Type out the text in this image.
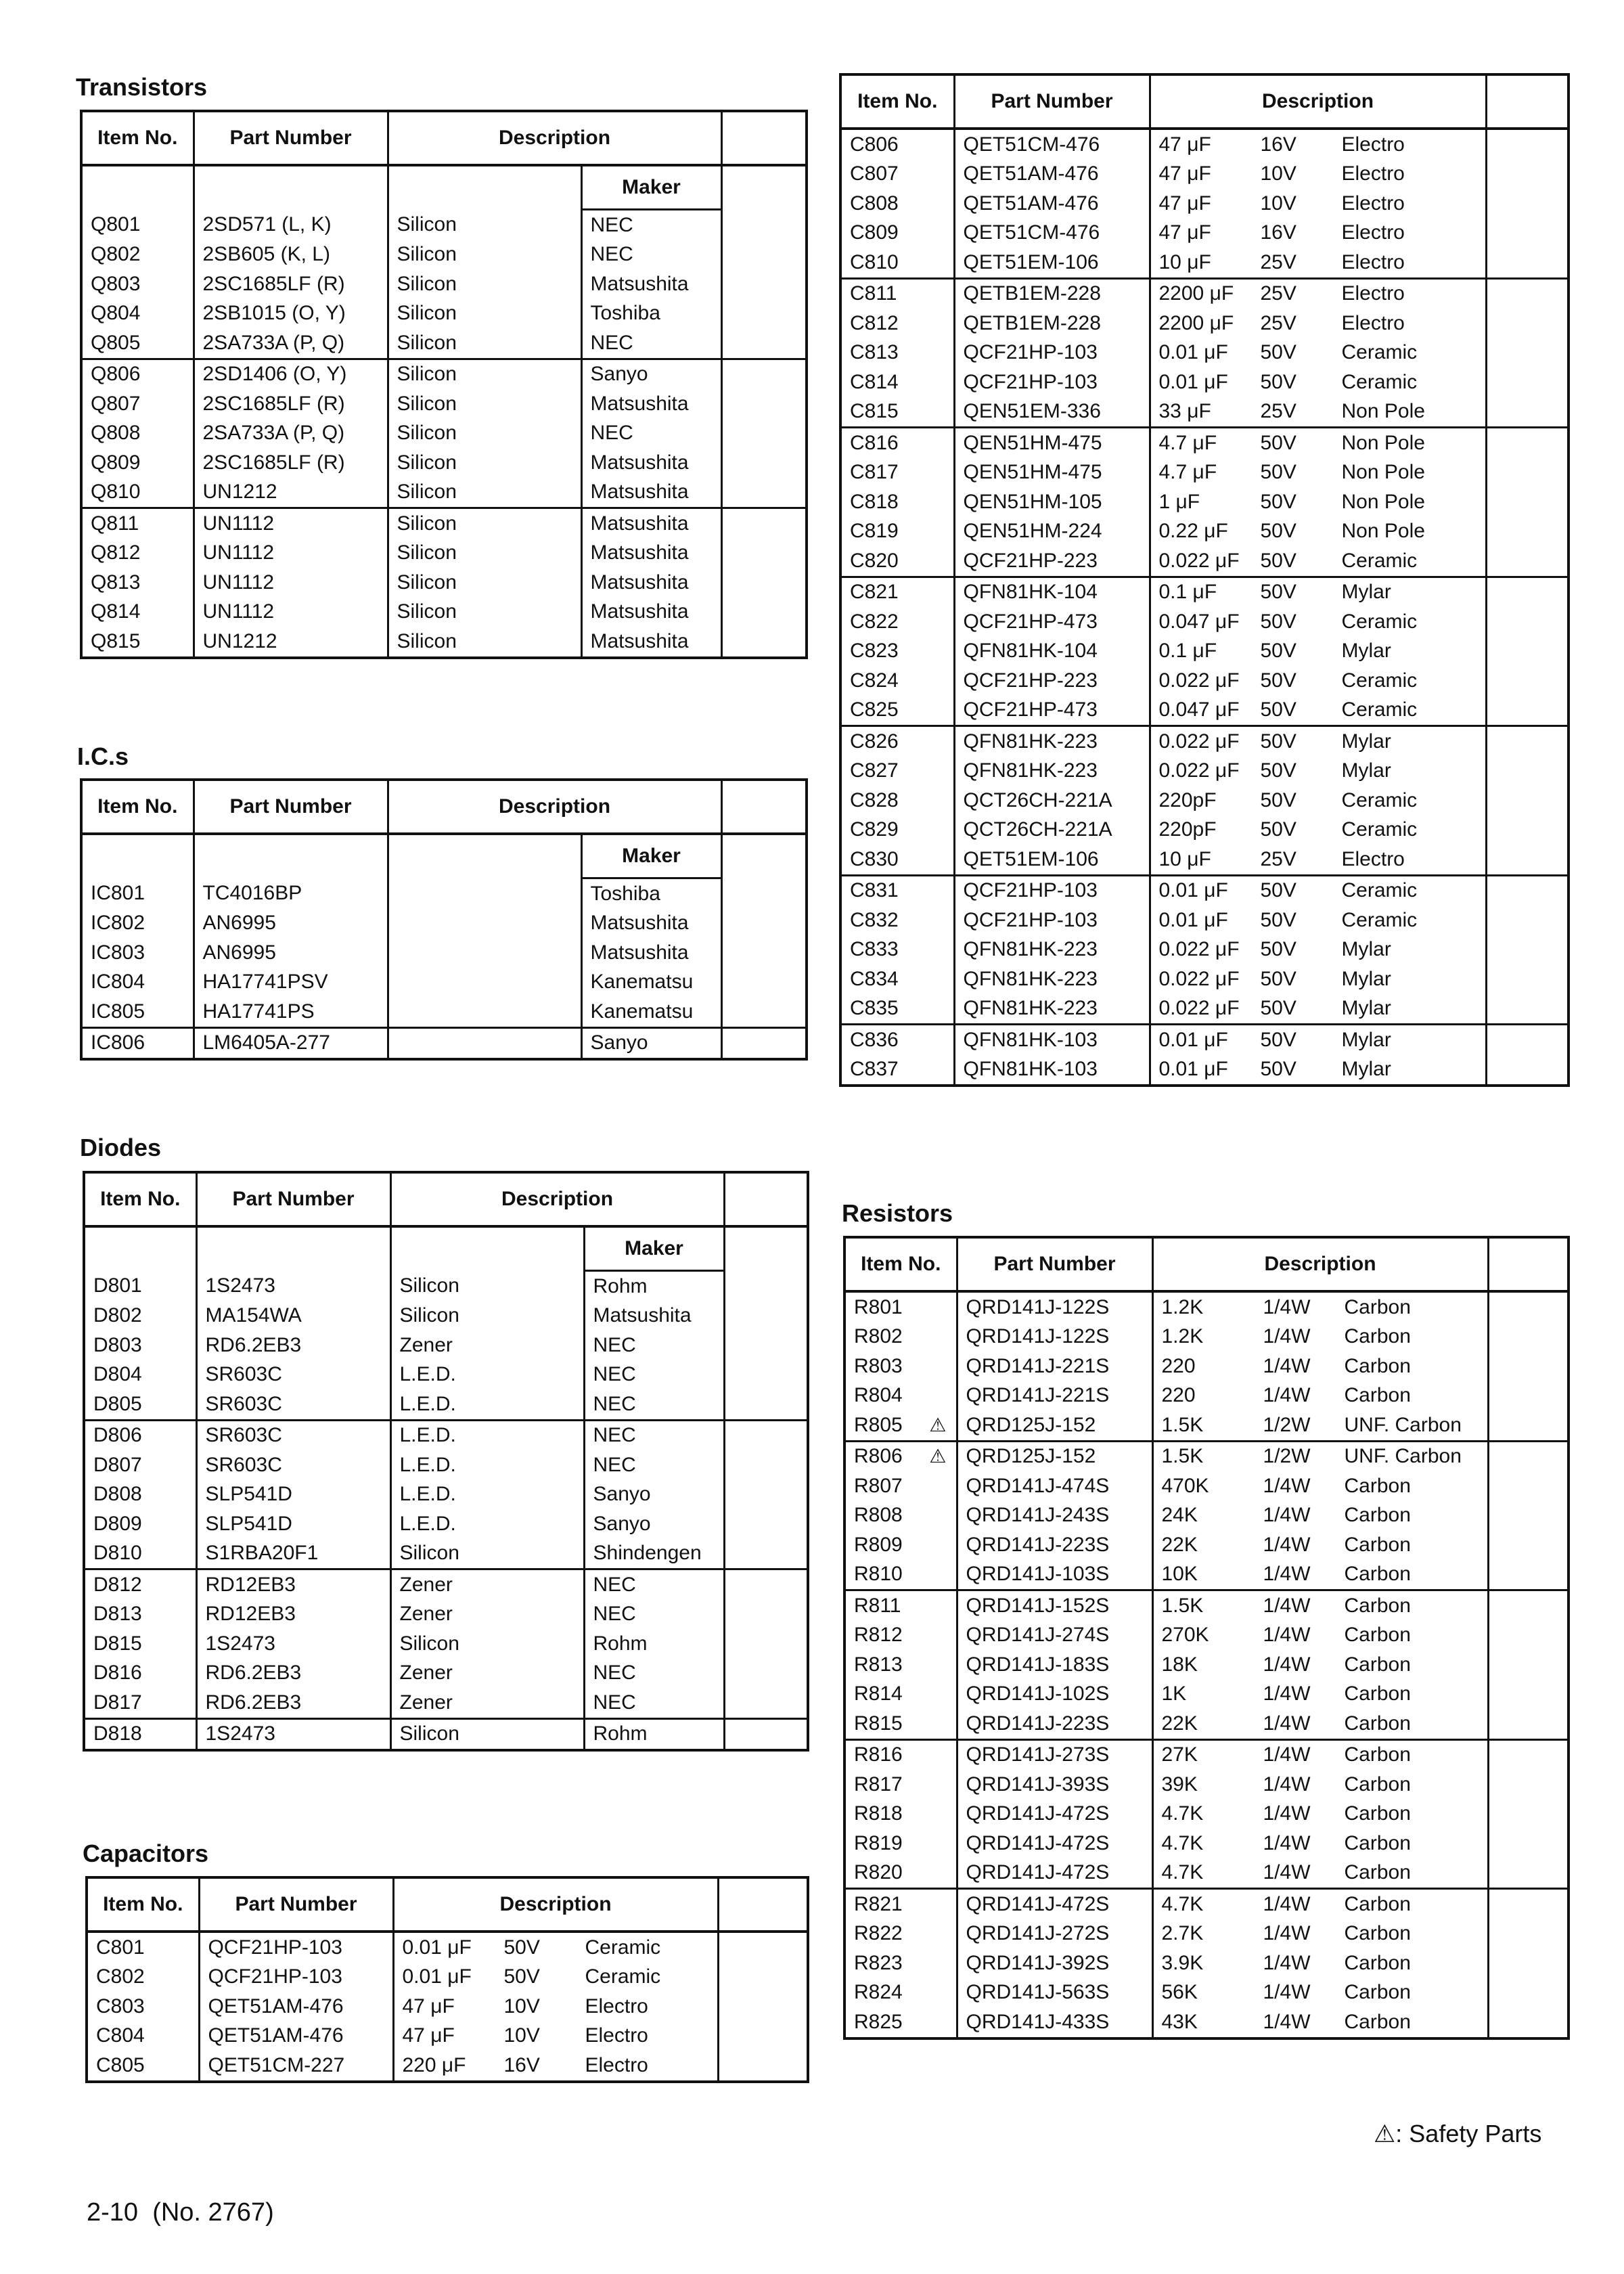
Transistors
Item No.	Part Number	Description		
			Maker	
Q801	2SD571 (L, K)	Silicon	NEC	
Q802	2SB605 (K, L)	Silicon	NEC	
Q803	2SC1685LF (R)	Silicon	Matsushita	
Q804	2SB1015 (O, Y)	Silicon	Toshiba	
Q805	2SA733A (P, Q)	Silicon	NEC	
Q806	2SD1406 (O, Y)	Silicon	Sanyo	
Q807	2SC1685LF (R)	Silicon	Matsushita	
Q808	2SA733A (P, Q)	Silicon	NEC	
Q809	2SC1685LF (R)	Silicon	Matsushita	
Q810	UN1212	Silicon	Matsushita	
Q811	UN1112	Silicon	Matsushita	
Q812	UN1112	Silicon	Matsushita	
Q813	UN1112	Silicon	Matsushita	
Q814	UN1112	Silicon	Matsushita	
Q815	UN1212	Silicon	Matsushita	
I.C.s
Item No.	Part Number	Description		
			Maker	
IC801	TC4016BP		Toshiba	
IC802	AN6995		Matsushita	
IC803	AN6995		Matsushita	
IC804	HA17741PSV		Kanematsu	
IC805	HA17741PS		Kanematsu	
IC806	LM6405A-277		Sanyo	
Diodes
Item No.	Part Number	Description		
			Maker	
D801	1S2473	Silicon	Rohm	
D802	MA154WA	Silicon	Matsushita	
D803	RD6.2EB3	Zener	NEC	
D804	SR603C	L.E.D.	NEC	
D805	SR603C	L.E.D.	NEC	
D806	SR603C	L.E.D.	NEC	
D807	SR603C	L.E.D.	NEC	
D808	SLP541D	L.E.D.	Sanyo	
D809	SLP541D	L.E.D.	Sanyo	
D810	S1RBA20F1	Silicon	Shindengen	
D812	RD12EB3	Zener	NEC	
D813	RD12EB3	Zener	NEC	
D815	1S2473	Silicon	Rohm	
D816	RD6.2EB3	Zener	NEC	
D817	RD6.2EB3	Zener	NEC	
D818	1S2473	Silicon	Rohm	
Capacitors
Item No.	Part Number	Description	
C801	QCF21HP-103	0.01 μF 50V Ceramic	
C802	QCF21HP-103	0.01 μF 50V Ceramic	
C803	QET51AM-476	47 μF 10V Electro	
C804	QET51AM-476	47 μF 10V Electro	
C805	QET51CM-227	220 μF 16V Electro	
Item No.	Part Number	Description	
C806	QET51CM-476	47 μF 16V Electro	
C807	QET51AM-476	47 μF 10V Electro	
C808	QET51AM-476	47 μF 10V Electro	
C809	QET51CM-476	47 μF 16V Electro	
C810	QET51EM-106	10 μF 25V Electro	
C811	QETB1EM-228	2200 μF 25V Electro	
C812	QETB1EM-228	2200 μF 25V Electro	
C813	QCF21HP-103	0.01 μF 50V Ceramic	
C814	QCF21HP-103	0.01 μF 50V Ceramic	
C815	QEN51EM-336	33 μF 25V Non Pole	
C816	QEN51HM-475	4.7 μF 50V Non Pole	
C817	QEN51HM-475	4.7 μF 50V Non Pole	
C818	QEN51HM-105	1 μF 50V Non Pole	
C819	QEN51HM-224	0.22 μF 50V Non Pole	
C820	QCF21HP-223	0.022 μF 50V Ceramic	
C821	QFN81HK-104	0.1 μF 50V Mylar	
C822	QCF21HP-473	0.047 μF 50V Ceramic	
C823	QFN81HK-104	0.1 μF 50V Mylar	
C824	QCF21HP-223	0.022 μF 50V Ceramic	
C825	QCF21HP-473	0.047 μF 50V Ceramic	
C826	QFN81HK-223	0.022 μF 50V Mylar	
C827	QFN81HK-223	0.022 μF 50V Mylar	
C828	QCT26CH-221A	220pF 50V Ceramic	
C829	QCT26CH-221A	220pF 50V Ceramic	
C830	QET51EM-106	10 μF 25V Electro	
C831	QCF21HP-103	0.01 μF 50V Ceramic	
C832	QCF21HP-103	0.01 μF 50V Ceramic	
C833	QFN81HK-223	0.022 μF 50V Mylar	
C834	QFN81HK-223	0.022 μF 50V Mylar	
C835	QFN81HK-223	0.022 μF 50V Mylar	
C836	QFN81HK-103	0.01 μF 50V Mylar	
C837	QFN81HK-103	0.01 μF 50V Mylar	
Resistors
Item No.	Part Number	Description	
R801	QRD141J-122S	1.2K 1/4W Carbon	
R802	QRD141J-122S	1.2K 1/4W Carbon	
R803	QRD141J-221S	220 1/4W Carbon	
R804	QRD141J-221S	220 1/4W Carbon	
R805 ⚠	QRD125J-152	1.5K 1/2W UNF. Carbon	
R806 ⚠	QRD125J-152	1.5K 1/2W UNF. Carbon	
R807	QRD141J-474S	470K 1/4W Carbon	
R808	QRD141J-243S	24K 1/4W Carbon	
R809	QRD141J-223S	22K 1/4W Carbon	
R810	QRD141J-103S	10K 1/4W Carbon	
R811	QRD141J-152S	1.5K 1/4W Carbon	
R812	QRD141J-274S	270K 1/4W Carbon	
R813	QRD141J-183S	18K 1/4W Carbon	
R814	QRD141J-102S	1K 1/4W Carbon	
R815	QRD141J-223S	22K 1/4W Carbon	
R816	QRD141J-273S	27K 1/4W Carbon	
R817	QRD141J-393S	39K 1/4W Carbon	
R818	QRD141J-472S	4.7K 1/4W Carbon	
R819	QRD141J-472S	4.7K 1/4W Carbon	
R820	QRD141J-472S	4.7K 1/4W Carbon	
R821	QRD141J-472S	4.7K 1/4W Carbon	
R822	QRD141J-272S	2.7K 1/4W Carbon	
R823	QRD141J-392S	3.9K 1/4W Carbon	
R824	QRD141J-563S	56K 1/4W Carbon	
R825	QRD141J-433S	43K 1/4W Carbon	
⚠: Safety Parts
2-10 (No. 2767)
